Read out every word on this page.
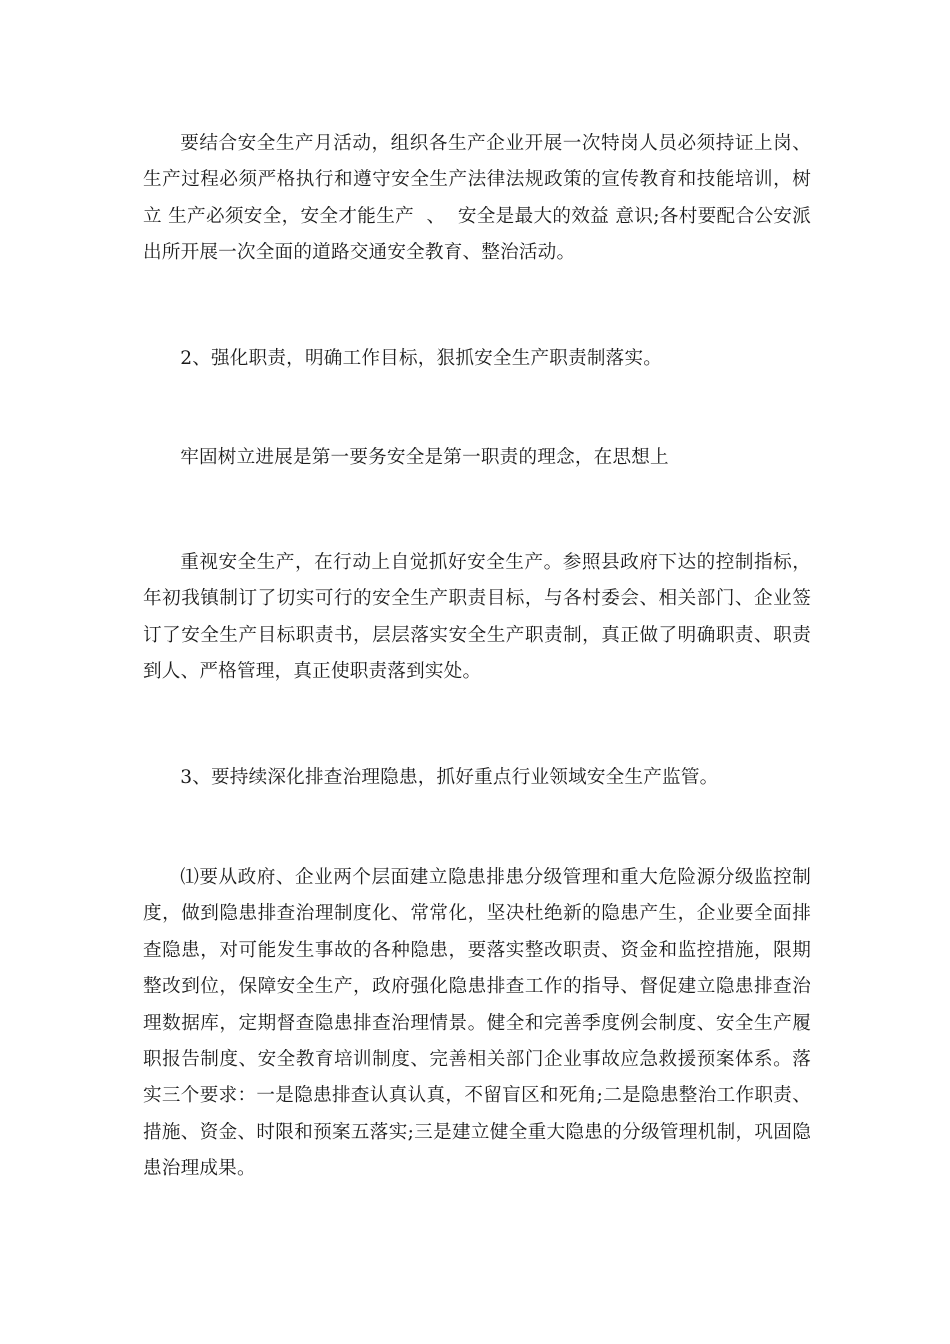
要结合安全生产月活动，组织各生产企业开展一次特岗人员必须持证上岗、生产过程必须严格执行和遵守安全生产法律法规政策的宣传教育和技能培训，树立 生产必须安全，安全才能生产  、  安全是最大的效益 意识;各村要配合公安派出所开展一次全面的道路交通安全教育、整治活动。

2、强化职责，明确工作目标，狠抓安全生产职责制落实。

牢固树立进展是第一要务安全是第一职责的理念，在思想上

重视安全生产，在行动上自觉抓好安全生产。参照县政府下达的控制指标，年初我镇制订了切实可行的安全生产职责目标，与各村委会、相关部门、企业签订了安全生产目标职责书，层层落实安全生产职责制，真正做了明确职责、职责到人、严格管理，真正使职责落到实处。

3、要持续深化排查治理隐患，抓好重点行业领域安全生产监管。

⑴要从政府、企业两个层面建立隐患排患分级管理和重大危险源分级监控制度，做到隐患排查治理制度化、常常化，坚决杜绝新的隐患产生，企业要全面排查隐患，对可能发生事故的各种隐患，要落实整改职责、资金和监控措施，限期整改到位，保障安全生产，政府强化隐患排查工作的指导、督促建立隐患排查治理数据库，定期督查隐患排查治理情景。健全和完善季度例会制度、安全生产履职报告制度、安全教育培训制度、完善相关部门企业事故应急救援预案体系。落实三个要求：一是隐患排查认真认真，不留盲区和死角;二是隐患整治工作职责、措施、资金、时限和预案五落实;三是建立健全重大隐患的分级管理机制，巩固隐患治理成果。
